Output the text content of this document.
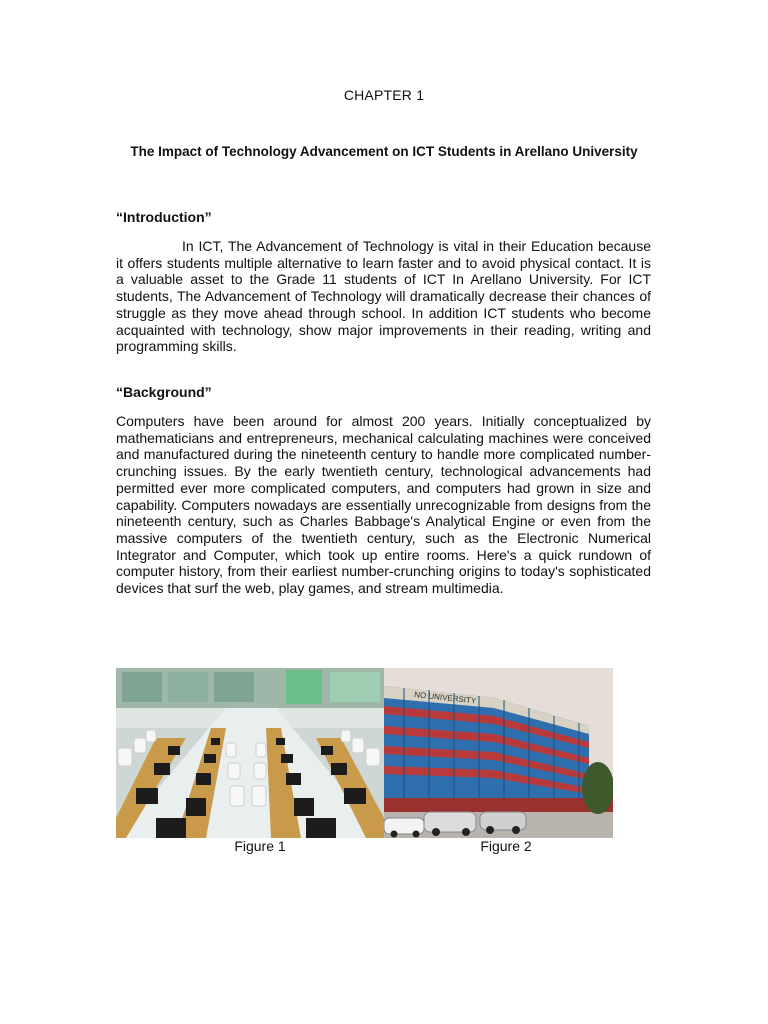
CHAPTER 1
The Impact of Technology Advancement on ICT Students in Arellano University
“Introduction”
In ICT, The Advancement of Technology is vital in their Education because it offers students multiple alternative to learn faster and to avoid physical contact. It is a valuable asset to the Grade 11 students of ICT In Arellano University. For ICT students, The Advancement of Technology will dramatically decrease their chances of struggle as they move ahead through school. In addition ICT students who become acquainted with technology, show major improvements in their reading, writing and programming skills.
“Background”
Computers have been around for almost 200 years. Initially conceptualized by mathematicians and entrepreneurs, mechanical calculating machines were conceived and manufactured during the nineteenth century to handle more complicated number-crunching issues. By the early twentieth century, technological advancements had permitted ever more complicated computers, and computers had grown in size and capability. Computers nowadays are essentially unrecognizable from designs from the nineteenth century, such as Charles Babbage's Analytical Engine or even from the massive computers of the twentieth century, such as the Electronic Numerical Integrator and Computer, which took up entire rooms. Here's a quick rundown of computer history, from their earliest number-crunching origins to today's sophisticated devices that surf the web, play games, and stream multimedia.
NO UNIVERSITY
Figure 1	Figure 2
